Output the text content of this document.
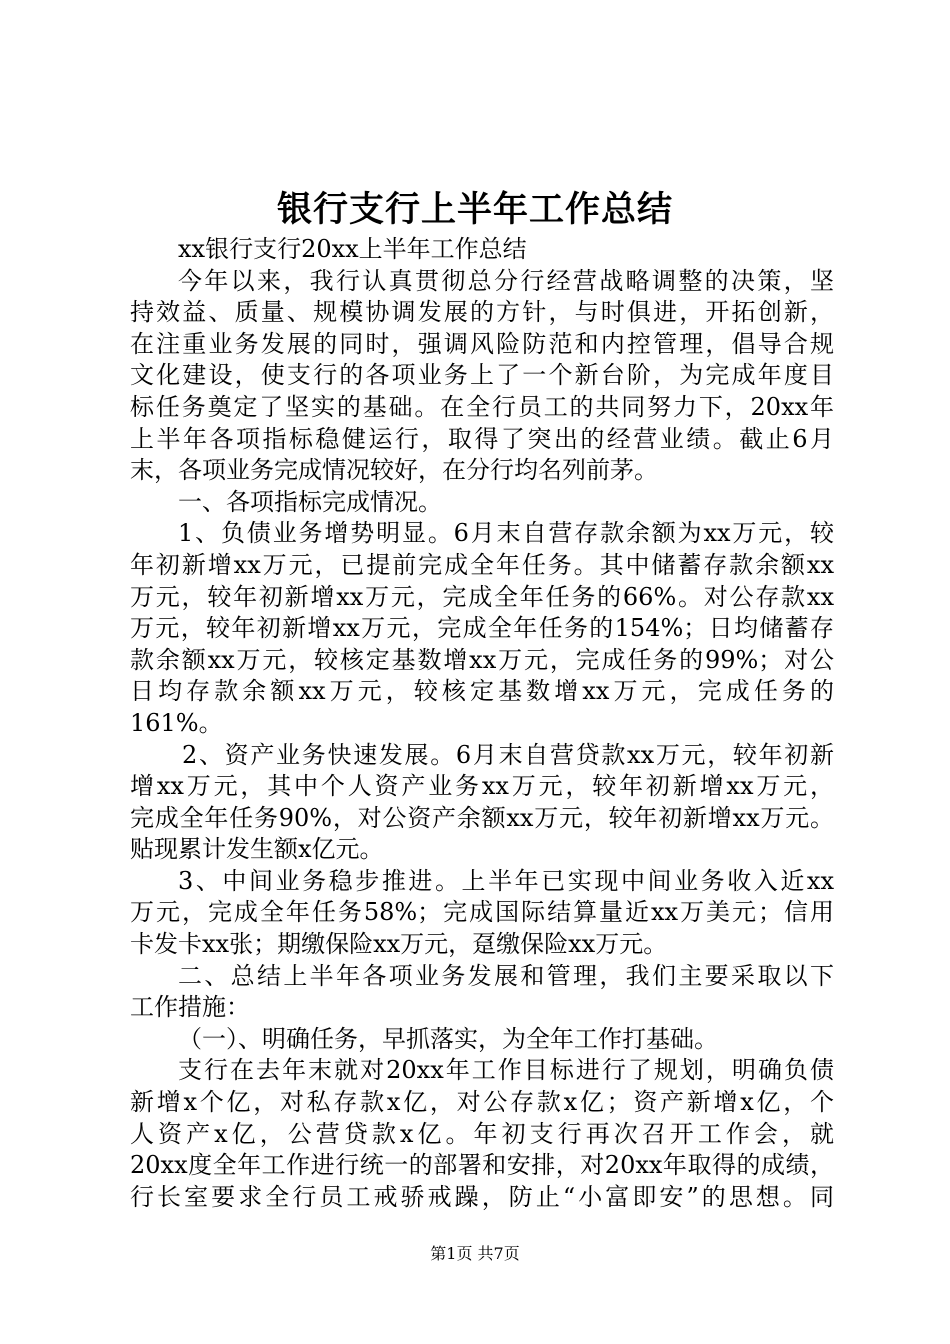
银行支行上半年工作总结
xx银行支行20xx上半年工作总结
今年以来，我行认真贯彻总分行经营战略调整的决策，坚
持效益、质量、规模协调发展的方针，与时俱进，开拓创新，
在注重业务发展的同时，强调风险防范和内控管理，倡导合规
文化建设，使支行的各项业务上了一个新台阶，为完成年度目
标任务奠定了坚实的基础。在全行员工的共同努力下，20xx年
上半年各项指标稳健运行，取得了突出的经营业绩。截止6月
末，各项业务完成情况较好，在分行均名列前茅。
一、各项指标完成情况。
1、负债业务增势明显。6月末自营存款余额为xx万元，较
年初新增xx万元，已提前完成全年任务。其中储蓄存款余额xx
万元，较年初新增xx万元，完成全年任务的66%。对公存款xx
万元，较年初新增xx万元，完成全年任务的154%；日均储蓄存
款余额xx万元，较核定基数增xx万元，完成任务的99%；对公
日均存款余额xx万元，较核定基数增xx万元，完成任务的
161%。
2、资产业务快速发展。6月末自营贷款xx万元，较年初新
增xx万元，其中个人资产业务xx万元，较年初新增xx万元，
完成全年任务90%，对公资产余额xx万元，较年初新增xx万元。
贴现累计发生额x亿元。
3、中间业务稳步推进。上半年已实现中间业务收入近xx
万元，完成全年任务58%；完成国际结算量近xx万美元；信用
卡发卡xx张；期缴保险xx万元，趸缴保险xx万元。
二、总结上半年各项业务发展和管理，我们主要采取以下
工作措施：
（一）、明确任务，早抓落实，为全年工作打基础。
支行在去年末就对20xx年工作目标进行了规划，明确负债
新增x个亿，对私存款x亿，对公存款x亿；资产新增x亿，个
人资产x亿，公营贷款x亿。年初支行再次召开工作会，就
20xx度全年工作进行统一的部署和安排，对20xx年取得的成绩，
行长室要求全行员工戒骄戒躁，防止“小富即安”的思想。同
第1页 共7页
